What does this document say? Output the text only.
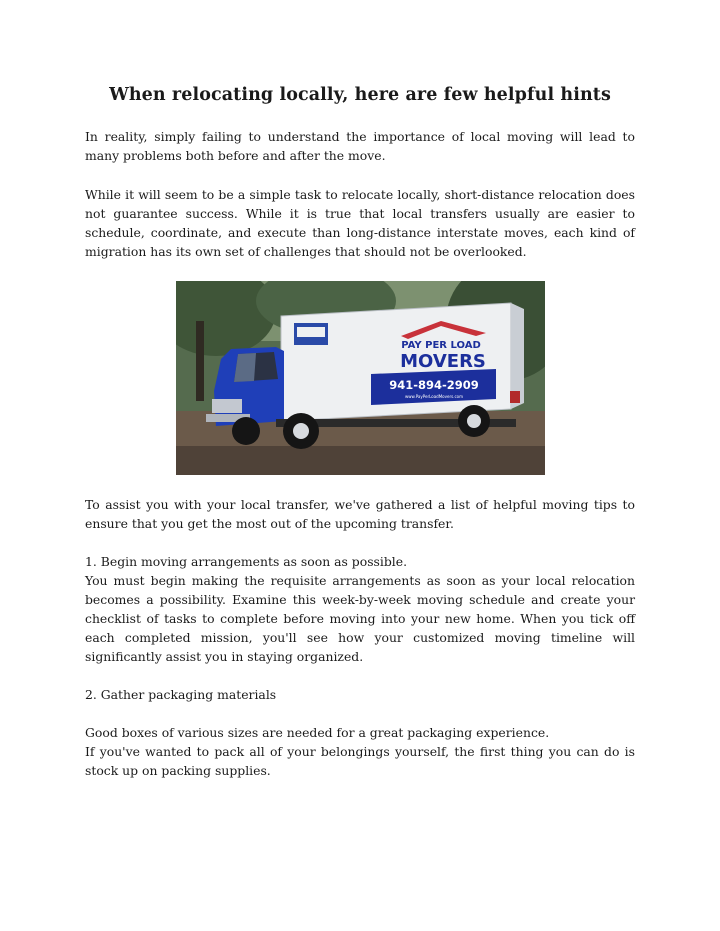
When relocating locally, here are few helpful hints

In reality, simply failing to understand the importance of local moving will lead to many problems both before and after the move.

While it will seem to be a simple task to relocate locally, short-distance relocation does not guarantee success. While it is true that local transfers usually are easier to schedule, coordinate, and execute than long-distance interstate moves, each kind of migration has its own set of challenges that should not be overlooked.

PAY PER LOAD
MOVERS
941-894-2909
www.PayPerLoadMovers.com

To assist you with your local transfer, we've gathered a list of helpful moving tips to ensure that you get the most out of the upcoming transfer.

1. Begin moving arrangements as soon as possible.

You must begin making the requisite arrangements as soon as your local relocation becomes a possibility. Examine this week-by-week moving schedule and create your checklist of tasks to complete before moving into your new home. When you tick off each completed mission, you'll see how your customized moving timeline will significantly assist you in staying organized.

2. Gather packaging materials

Good boxes of various sizes are needed for a great packaging experience.

If you've wanted to pack all of your belongings yourself, the first thing you can do is stock up on packing supplies.
